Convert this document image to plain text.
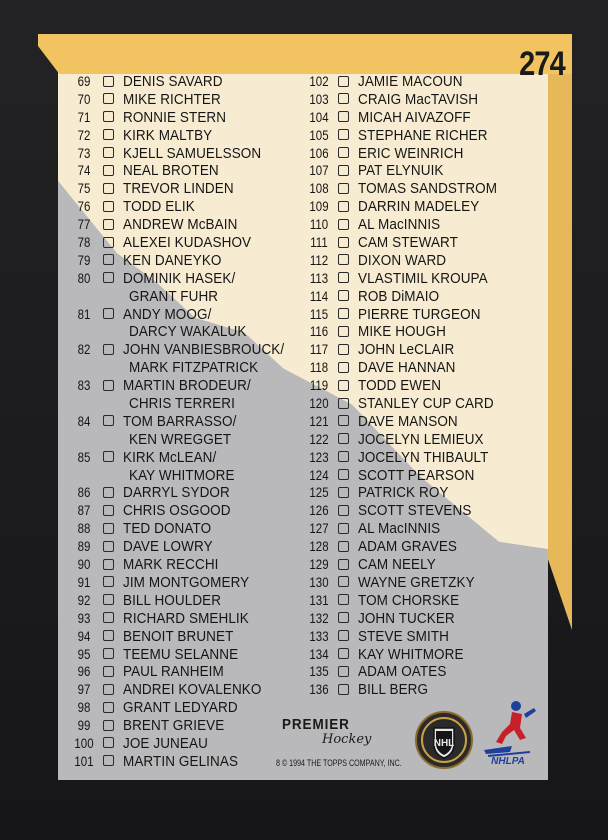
274
69 DENIS SAVARD
70 MIKE RICHTER
71 RONNIE STERN
72 KIRK MALTBY
73 KJELL SAMUELSSON
74 NEAL BROTEN
75 TREVOR LINDEN
76 TODD ELIK
77 ANDREW McBAIN
78 ALEXEI KUDASHOV
79 KEN DANEYKO
80 DOMINIK HASEK/
GRANT FUHR
81 ANDY MOOG/
DARCY WAKALUK
82 JOHN VANBIESBROUCK/
MARK FITZPATRICK
83 MARTIN BRODEUR/
CHRIS TERRERI
84 TOM BARRASSO/
KEN WREGGET
85 KIRK McLEAN/
KAY WHITMORE
86 DARRYL SYDOR
87 CHRIS OSGOOD
88 TED DONATO
89 DAVE LOWRY
90 MARK RECCHI
91 JIM MONTGOMERY
92 BILL HOULDER
93 RICHARD SMEHLIK
94 BENOIT BRUNET
95 TEEMU SELANNE
96 PAUL RANHEIM
97 ANDREI KOVALENKO
98 GRANT LEDYARD
99 BRENT GRIEVE
100 JOE JUNEAU
101 MARTIN GELINAS
102 JAMIE MACOUN
103 CRAIG MacTAVISH
104 MICAH AIVAZOFF
105 STEPHANE RICHER
106 ERIC WEINRICH
107 PAT ELYNUIK
108 TOMAS SANDSTROM
109 DARRIN MADELEY
110 AL MacINNIS
111 CAM STEWART
112 DIXON WARD
113 VLASTIMIL KROUPA
114 ROB DiMAIO
115 PIERRE TURGEON
116 MIKE HOUGH
117 JOHN LeCLAIR
118 DAVE HANNAN
119 TODD EWEN
120 STANLEY CUP CARD
121 DAVE MANSON
122 JOCELYN LEMIEUX
123 JOCELYN THIBAULT
124 SCOTT PEARSON
125 PATRICK ROY
126 SCOTT STEVENS
127 AL MacINNIS
128 ADAM GRAVES
129 CAM NEELY
130 WAYNE GRETZKY
131 TOM CHORSKE
132 JOHN TUCKER
133 STEVE SMITH
134 KAY WHITMORE
135 ADAM OATES
136 BILL BERG
PREMIER
Hockey
8 © 1994 THE TOPPS COMPANY, INC.
NHL
NHLPA
